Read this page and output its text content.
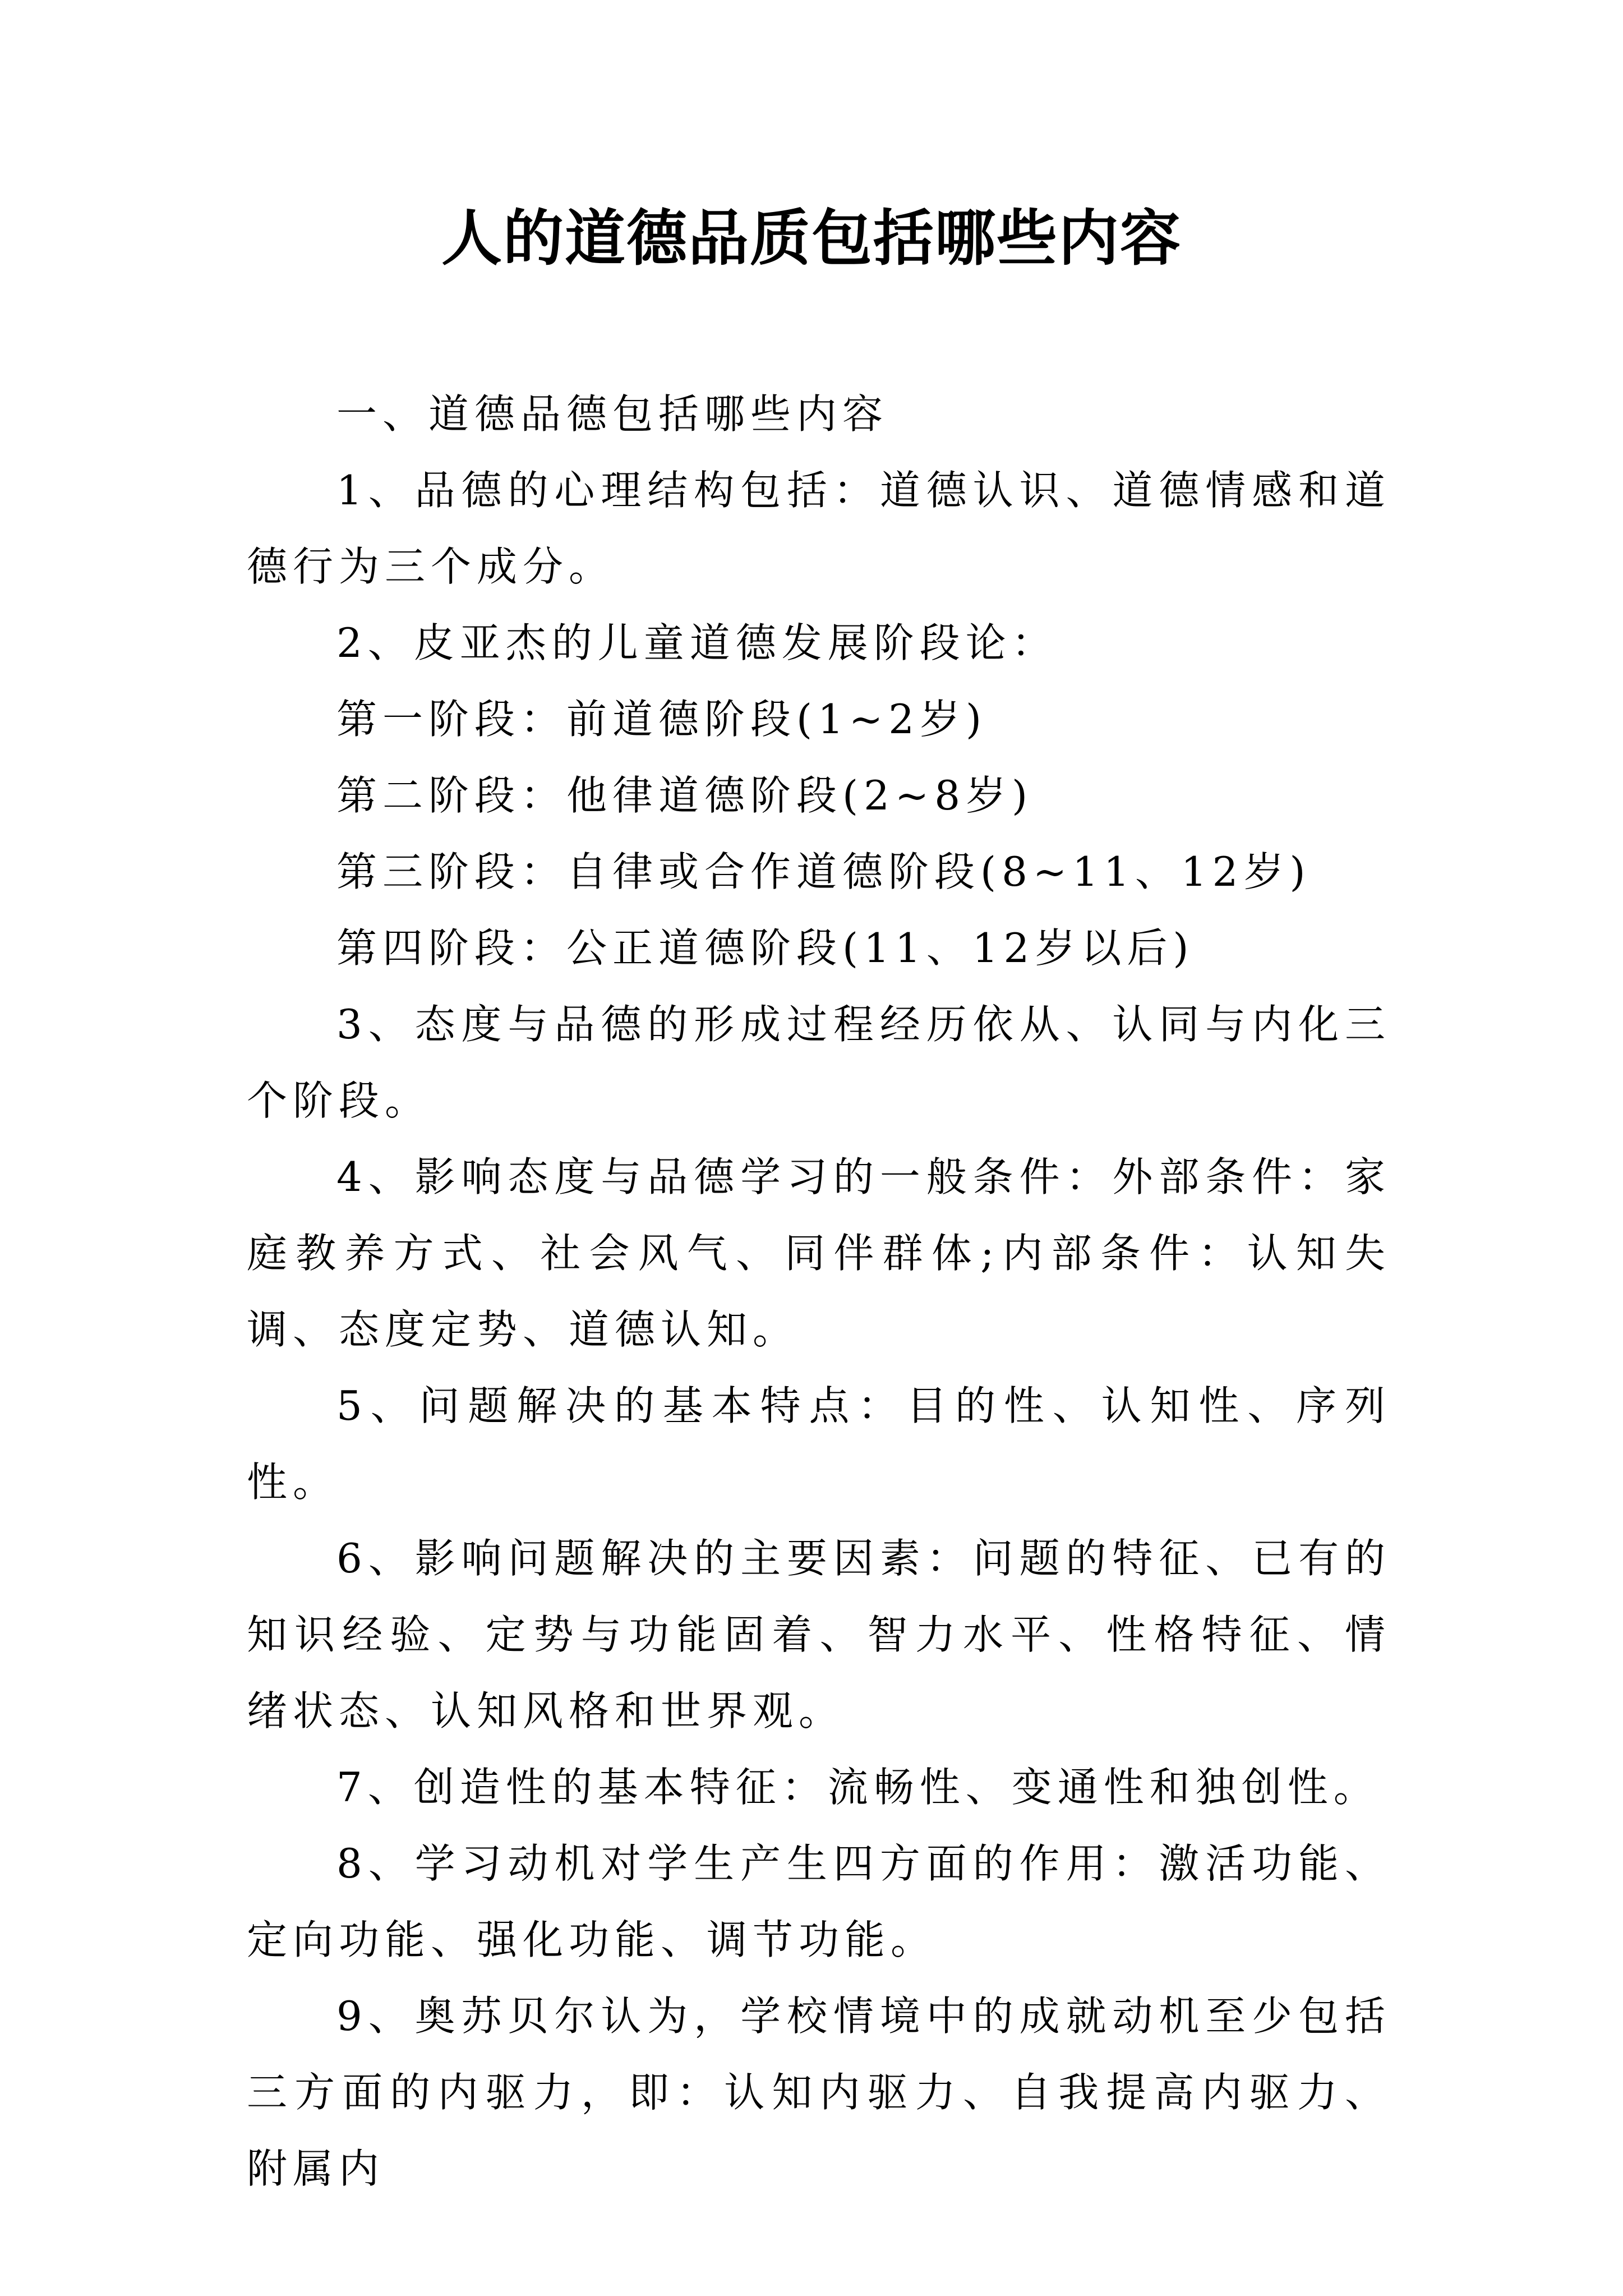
人的道德品质包括哪些内容

一、道德品德包括哪些内容

1、品德的心理结构包括：道德认识、道德情感和道德行为三个成分。

2、皮亚杰的儿童道德发展阶段论：

第一阶段：前道德阶段(1~2岁)

第二阶段：他律道德阶段(2~8岁)

第三阶段：自律或合作道德阶段(8~11、12岁)

第四阶段：公正道德阶段(11、12岁以后)

3、态度与品德的形成过程经历依从、认同与内化三个阶段。

4、影响态度与品德学习的一般条件：外部条件：家庭教养方式、社会风气、同伴群体;内部条件：认知失调、态度定势、道德认知。

5、问题解决的基本特点：目的性、认知性、序列性。

6、影响问题解决的主要因素：问题的特征、已有的知识经验、定势与功能固着、智力水平、性格特征、情绪状态、认知风格和世界观。

7、创造性的基本特征：流畅性、变通性和独创性。

8、学习动机对学生产生四方面的作用：激活功能、定向功能、强化功能、调节功能。

9、奥苏贝尔认为，学校情境中的成就动机至少包括三方面的内驱力，即：认知内驱力、自我提高内驱力、附属内
